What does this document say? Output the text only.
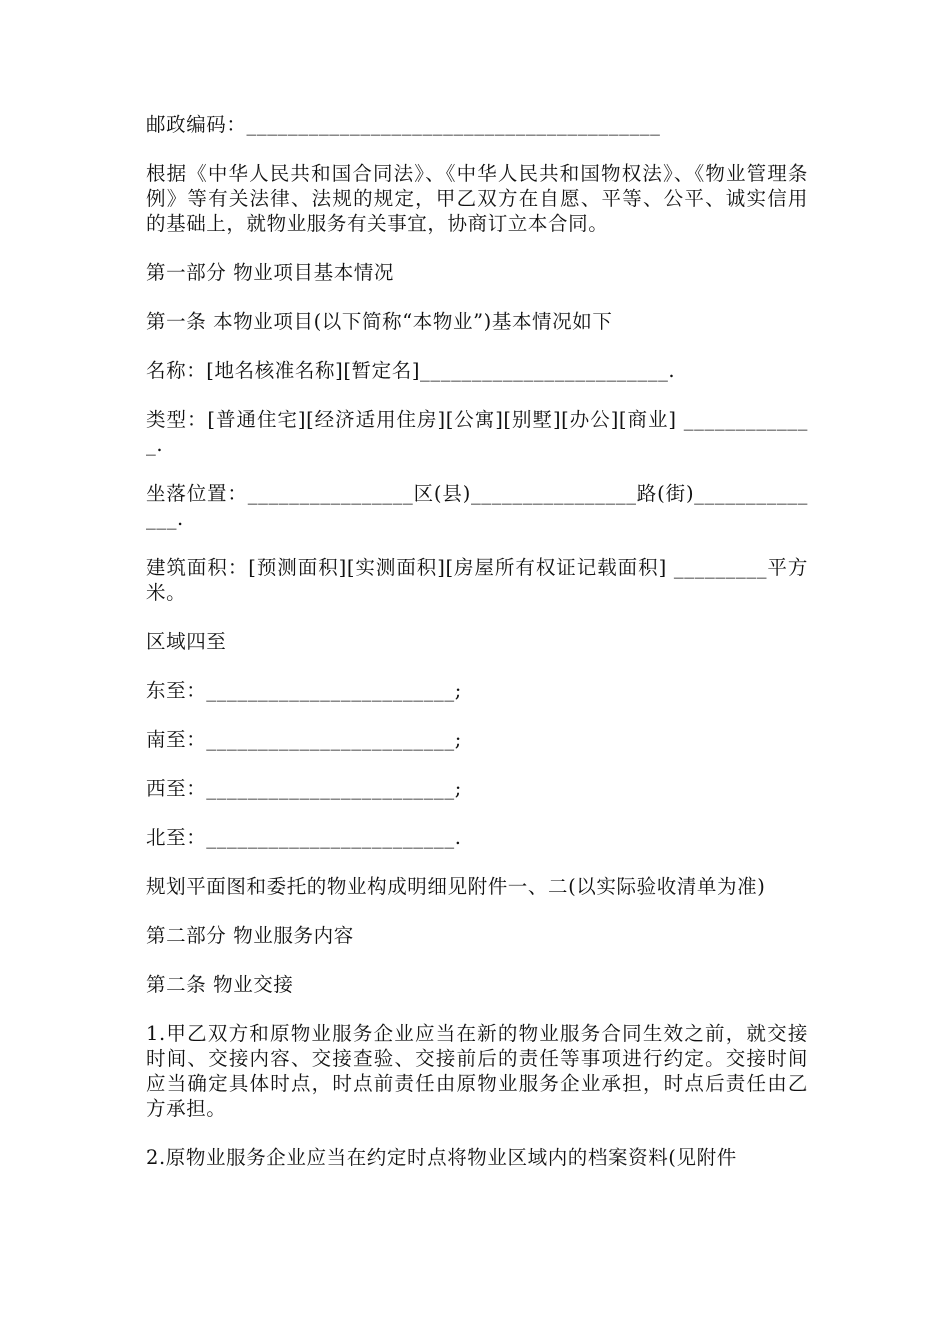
邮政编码：________________________________________

根据《中华人民共和国合同法》、《中华人民共和国物权法》、《物业管理条例》等有关法律、法规的规定，甲乙双方在自愿、平等、公平、诚实信用的基础上，就物业服务有关事宜，协商订立本合同。

第一部分 物业项目基本情况

第一条 本物业项目(以下简称“本物业”)基本情况如下

名称：[地名核准名称][暂定名]________________________.

类型：[普通住宅][经济适用住房][公寓][别墅][办公][商业] _____________.

坐落位置：________________区(县)________________路(街)______________.

建筑面积：[预测面积][实测面积][房屋所有权证记载面积] _________平方米。

区域四至

东至：________________________;

南至：________________________;

西至：________________________;

北至：________________________.

规划平面图和委托的物业构成明细见附件一、二(以实际验收清单为准)

第二部分 物业服务内容

第二条 物业交接

1.甲乙双方和原物业服务企业应当在新的物业服务合同生效之前，就交接时间、交接内容、交接查验、交接前后的责任等事项进行约定。交接时间应当确定具体时点，时点前责任由原物业服务企业承担，时点后责任由乙方承担。

2.原物业服务企业应当在约定时点将物业区域内的档案资料(见附件
